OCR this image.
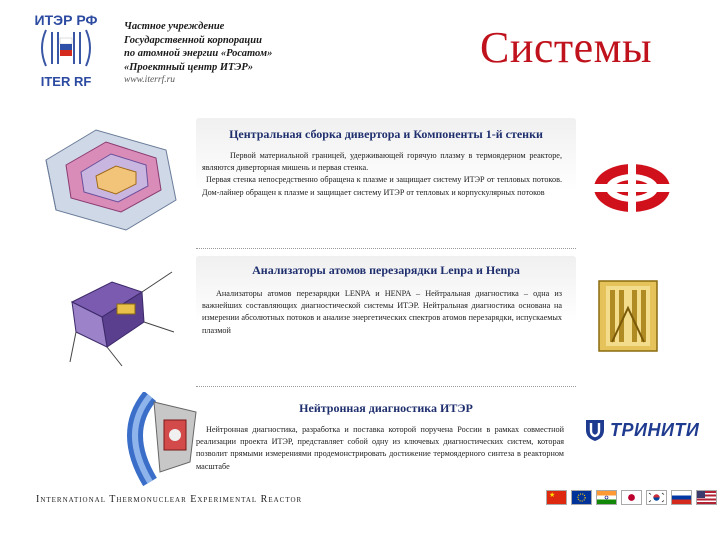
ИТЭР РФ
ITER RF
Частное учреждение
Государственной корпорации
по атомной энергии «Росатом»
«Проектный центр ИТЭР»
www.iterrf.ru
Системы
Центральная сборка дивертора и Компоненты 1-й стенки
Первой материальной границей, удерживающей горячую плазму в термоядерном реакторе, являются диверторная мишень и первая стенка.
Первая стенка непосредственно обращена к плазме и защищает систему ИТЭР от тепловых потоков. Дом-лайнер обращен к плазме и защищает систему ИТЭР от тепловых и корпускулярных потоков
Анализаторы атомов перезарядки Lenpa и Henpa
Анализаторы атомов перезарядки LENPA и HENPA – Нейтральная диагностика – одна из важнейших составляющих диагностической системы ИТЭР. Нейтральная диагностика основана на измерении абсолютных потоков и анализе энергетических спектров атомов перезарядки, испускаемых плазмой
Нейтронная диагностика ИТЭР
Нейтронная диагностика, разработка и поставка которой поручена России в рамках совместной реализации проекта ИТЭР, представляет собой одну из ключевых диагностических систем, которая позволит прямыми измерениями продемонстрировать достижение термоядерного синтеза в реакторном масштабе
ТРИНИТИ
International Thermonuclear Experimental Reactor	★
